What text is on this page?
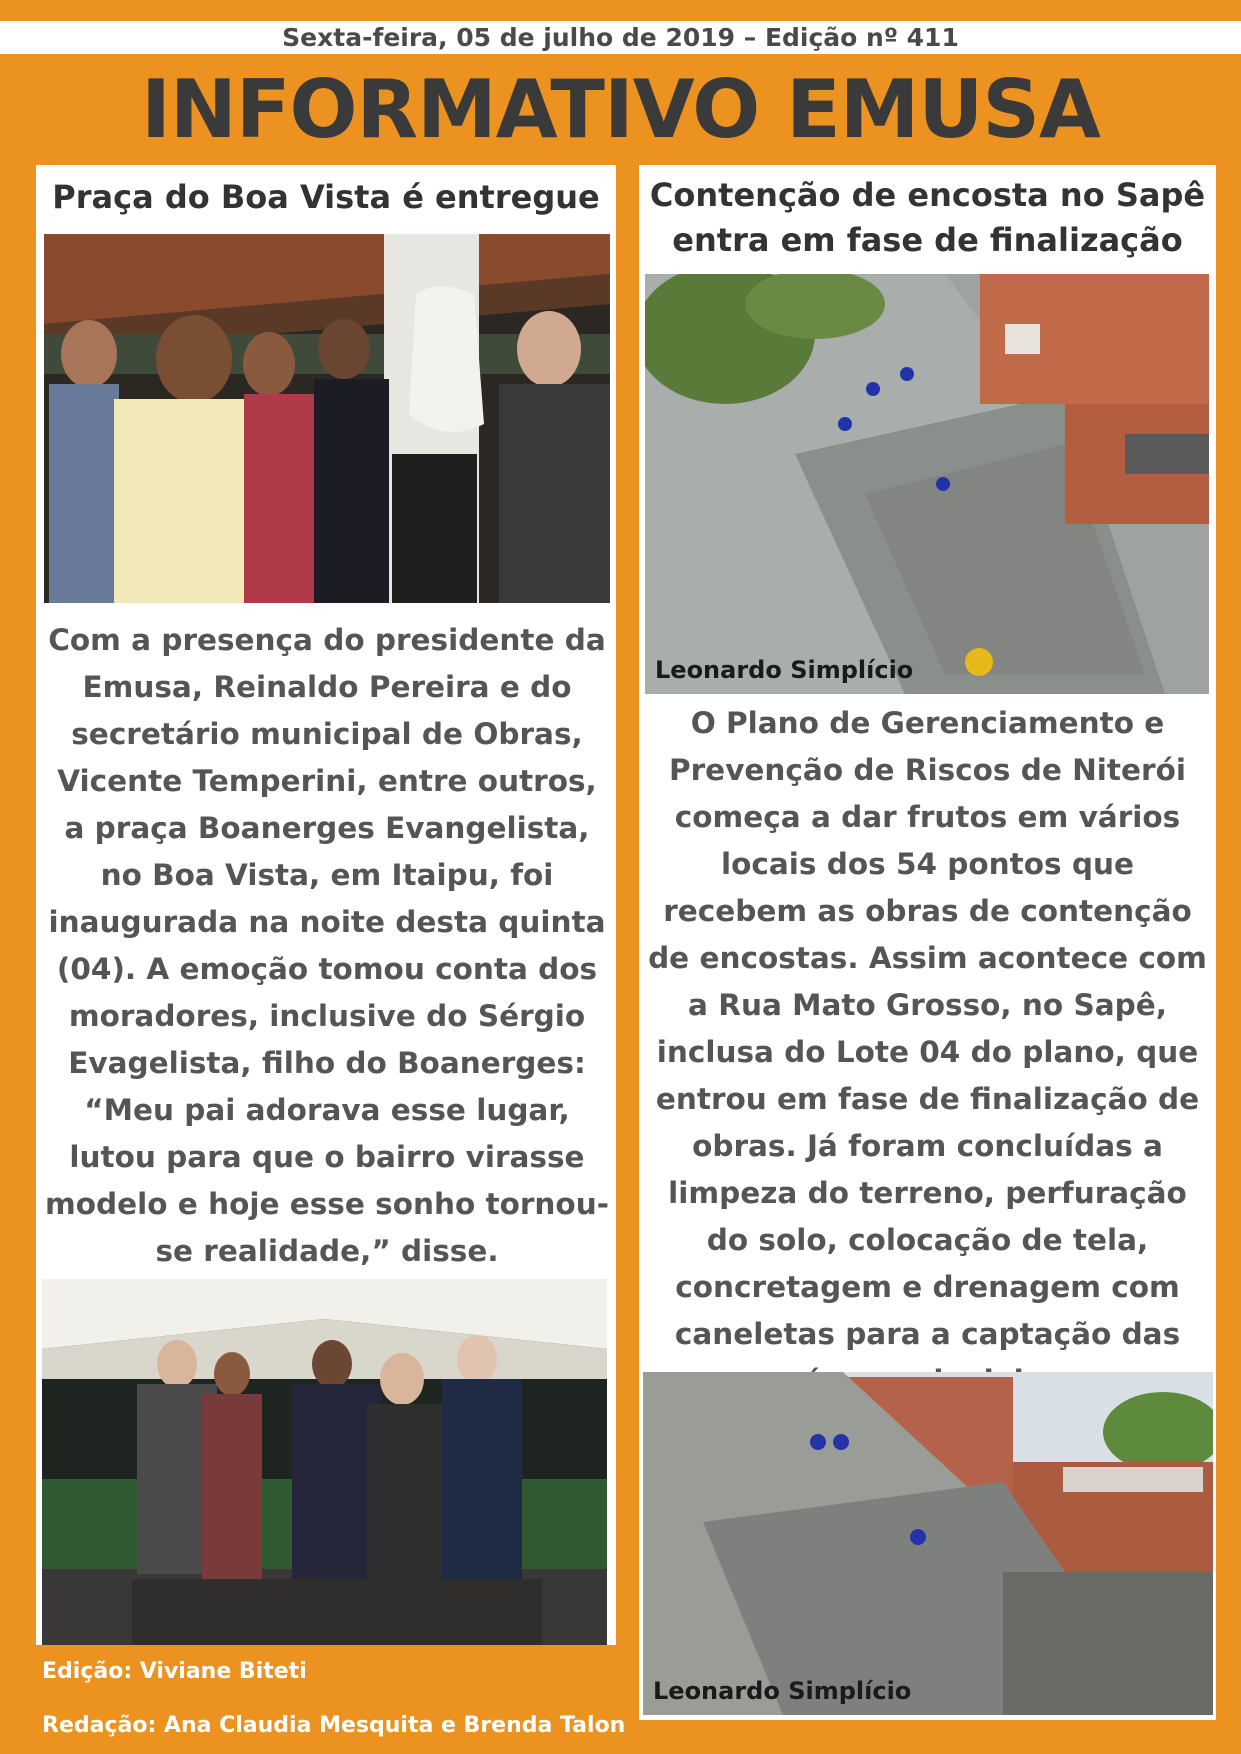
Sexta-feira, 05 de julho de 2019 – Edição nº 411
INFORMATIVO EMUSA
Praça do Boa Vista é entregue
Com a presença do presidente da Emusa, Reinaldo Pereira e do secretário municipal de Obras, Vicente Temperini, entre outros, a praça Boanerges Evangelista, no Boa Vista, em Itaipu, foi inaugurada na noite desta quinta (04). A emoção tomou conta dos moradores, inclusive do Sérgio Evagelista, filho do Boanerges: “Meu pai adorava esse lugar, lutou para que o bairro virasse modelo e hoje esse sonho tornou-se realidade,” disse.
Contenção de encosta no Sapê entra em fase de finalização
Leonardo Simplício
O Plano de Gerenciamento e Prevenção de Riscos de Niterói começa a dar frutos em vários locais dos 54 pontos que recebem as obras de contenção de encostas. Assim acontece com a Rua Mato Grosso, no Sapê, inclusa do Lote 04 do plano, que entrou em fase de finalização de obras. Já foram concluídas a limpeza do terreno, perfuração do solo, colocação de tela, concretagem e drenagem com caneletas para a captação das
Leonardo Simplício
Edição: Viviane Biteti
Redação: Ana Claudia Mesquita e Brenda Talon
